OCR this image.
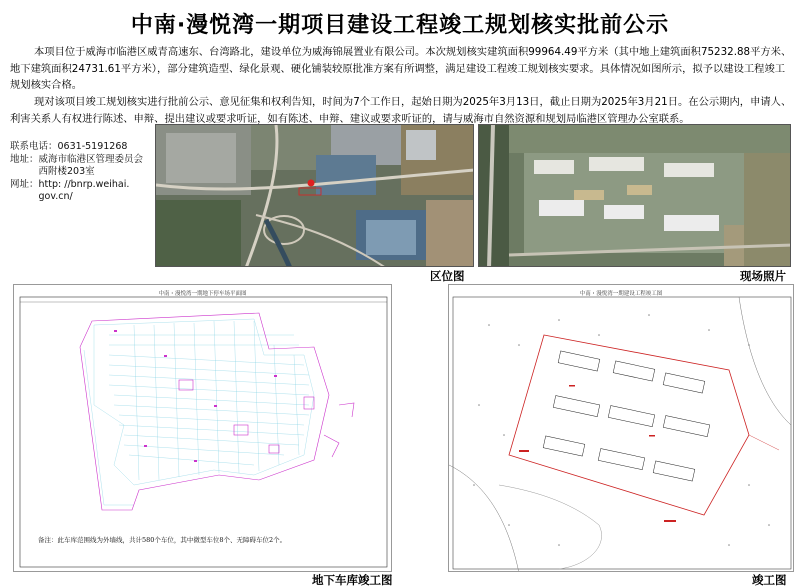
中南·漫悦湾一期项目建设工程竣工规划核实批前公示
本项目位于威海市临港区威青高速东、台湾路北，建设单位为威海锦展置业有限公司。本次规划核实建筑面积99964.49平方米（其中地上建筑面积75232.88平方米、地下建筑面积24731.61平方米），部分建筑造型、绿化景观、硬化铺装较原批准方案有所调整，满足建设工程竣工规划核实要求。具体情况如图所示，拟予以建设工程竣工规划核实合格。
现对该项目竣工规划核实进行批前公示、意见征集和权利告知，时间为7个工作日，起始日期为2025年3月13日，截止日期为2025年3月21日。在公示期内，申请人、利害关系人有权进行陈述、申辩、提出建议或要求听证，如有陈述、申辩、建议或要求听证的，请与威海市自然资源和规划局临港区管理办公室联系。
联系电话： 0631-5191268
地址： 威海市临港区管理委员会
西附楼203室
网址： http: //bnrp.weihai.
gov.cn/
区位图	现场照片
中南・漫悦湾一期地下停车场平面图
备注：此车库范围线为外墙线，共计580个车位，其中微型车位8个、无障碍车位2个。
中南・漫悦湾一期建设工程竣工图
地下车库竣工图	竣工图
